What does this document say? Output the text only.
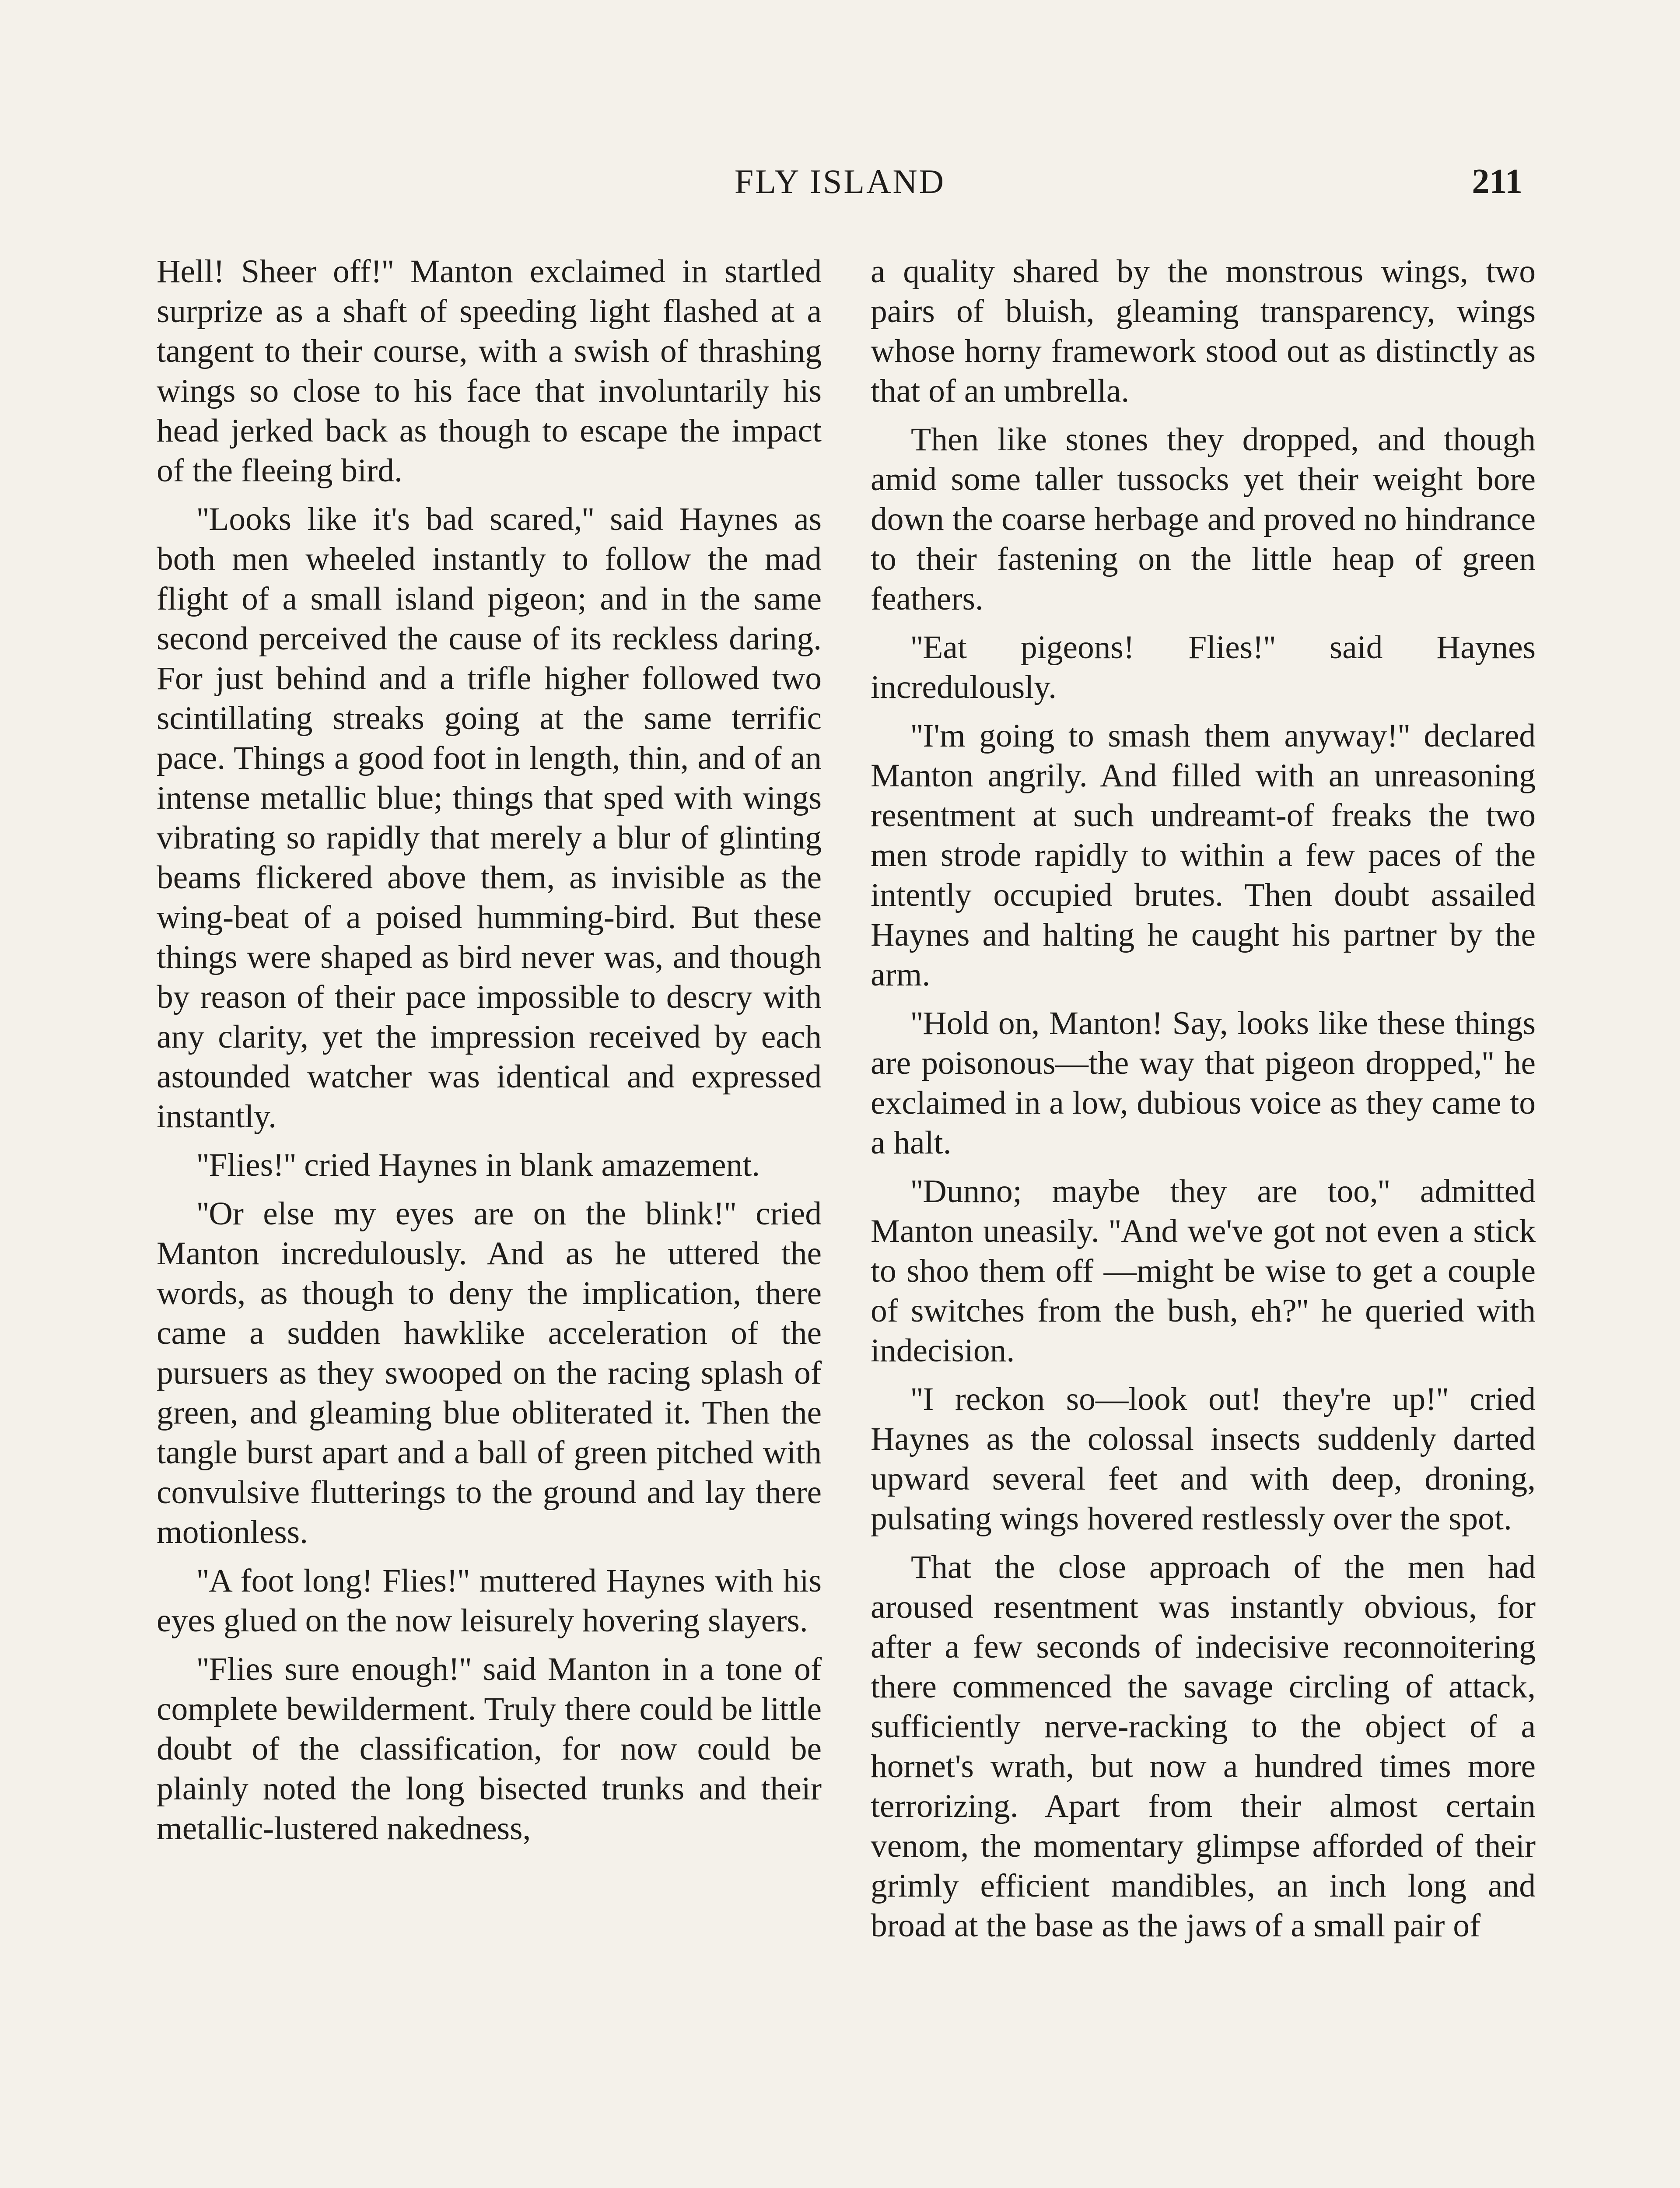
FLY ISLAND	211

Hell! Sheer off!'' Manton exclaimed in startled surprize as a shaft of speeding light flashed at a tangent to their course, with a swish of thrashing wings so close to his face that involuntarily his head jerked back as though to escape the impact of the fleeing bird.

''Looks like it's bad scared,'' said Haynes as both men wheeled instantly to follow the mad flight of a small island pigeon; and in the same second perceived the cause of its reckless daring. For just behind and a trifle higher followed two scintillating streaks going at the same terrific pace. Things a good foot in length, thin, and of an intense metallic blue; things that sped with wings vibrating so rapidly that merely a blur of glinting beams flickered above them, as invisible as the wing-beat of a poised humming-bird. But these things were shaped as bird never was, and though by reason of their pace impossible to descry with any clarity, yet the impression received by each astounded watcher was identical and expressed instantly.

''Flies!'' cried Haynes in blank amazement.

''Or else my eyes are on the blink!'' cried Manton incredulously. And as he uttered the words, as though to deny the implication, there came a sudden hawklike acceleration of the pursuers as they swooped on the racing splash of green, and gleaming blue obliterated it. Then the tangle burst apart and a ball of green pitched with convulsive flutterings to the ground and lay there motionless.

''A foot long! Flies!'' muttered Haynes with his eyes glued on the now leisurely hovering slayers.

''Flies sure enough!'' said Manton in a tone of complete bewilderment. Truly there could be little doubt of the classification, for now could be plainly noted the long bisected trunks and their metallic-lustered nakedness,

a quality shared by the monstrous wings, two pairs of bluish, gleaming transparency, wings whose horny framework stood out as distinctly as that of an umbrella.

Then like stones they dropped, and though amid some taller tussocks yet their weight bore down the coarse herbage and proved no hindrance to their fastening on the little heap of green feathers.

''Eat pigeons! Flies!'' said Haynes incredulously.

''I'm going to smash them anyway!'' declared Manton angrily. And filled with an unreasoning resentment at such undreamt-of freaks the two men strode rapidly to within a few paces of the intently occupied brutes. Then doubt assailed Haynes and halting he caught his partner by the arm.

''Hold on, Manton! Say, looks like these things are poisonous—the way that pigeon dropped,'' he exclaimed in a low, dubious voice as they came to a halt.

''Dunno; maybe they are too,'' admitted Manton uneasily. ''And we've got not even a stick to shoo them off —might be wise to get a couple of switches from the bush, eh?'' he queried with indecision.

''I reckon so—look out! they're up!'' cried Haynes as the colossal insects suddenly darted upward several feet and with deep, droning, pulsating wings hovered restlessly over the spot.

That the close approach of the men had aroused resentment was instantly obvious, for after a few seconds of indecisive reconnoitering there commenced the savage circling of attack, sufficiently nerve-racking to the object of a hornet's wrath, but now a hundred times more terrorizing. Apart from their almost certain venom, the momentary glimpse afforded of their grimly efficient mandibles, an inch long and broad at the base as the jaws of a small pair of
